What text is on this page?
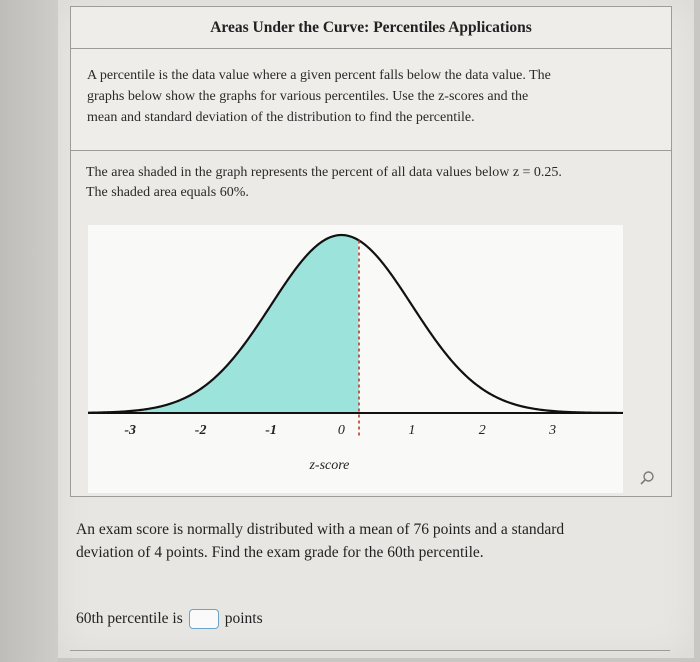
Areas Under the Curve: Percentiles Applications

A percentile is the data value where a given percent falls below the data value. The graphs below show the graphs for various percentiles. Use the z-scores and the mean and standard deviation of the distribution to find the percentile.

The area shaded in the graph represents the percent of all data values below z = 0.25. The shaded area equals 60%.

-3	-2	-1	0	1	2	3
z-score

An exam score is normally distributed with a mean of 76 points and a standard deviation of 4 points. Find the exam grade for the 60th percentile.

60th percentile is	points
